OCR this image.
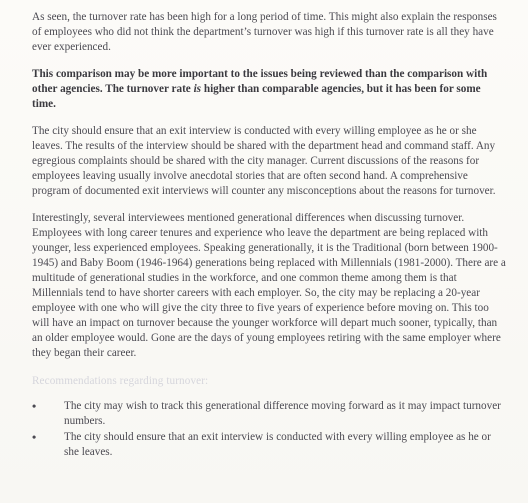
As seen, the turnover rate has been high for a long period of time. This might also explain the responses of employees who did not think the department’s turnover was high if this turnover rate is all they have ever experienced.

This comparison may be more important to the issues being reviewed than the comparison with other agencies. The turnover rate is higher than comparable agencies, but it has been for some time.

The city should ensure that an exit interview is conducted with every willing employee as he or she leaves. The results of the interview should be shared with the department head and command staff. Any egregious complaints should be shared with the city manager. Current discussions of the reasons for employees leaving usually involve anecdotal stories that are often second hand. A comprehensive program of documented exit interviews will counter any misconceptions about the reasons for turnover.

Interestingly, several interviewees mentioned generational differences when discussing turnover. Employees with long career tenures and experience who leave the department are being replaced with younger, less experienced employees. Speaking generationally, it is the Traditional (born between 1900-1945) and Baby Boom (1946-1964) generations being replaced with Millennials (1981-2000). There are a multitude of generational studies in the workforce, and one common theme among them is that Millennials tend to have shorter careers with each employer. So, the city may be replacing a 20-year employee with one who will give the city three to five years of experience before moving on. This too will have an impact on turnover because the younger workforce will depart much sooner, typically, than an older employee would. Gone are the days of young employees retiring with the same employer where they began their career.

Recommendations regarding turnover:

•
The city may wish to track this generational difference moving forward as it may impact turnover numbers.
•
The city should ensure that an exit interview is conducted with every willing employee as he or she leaves.
